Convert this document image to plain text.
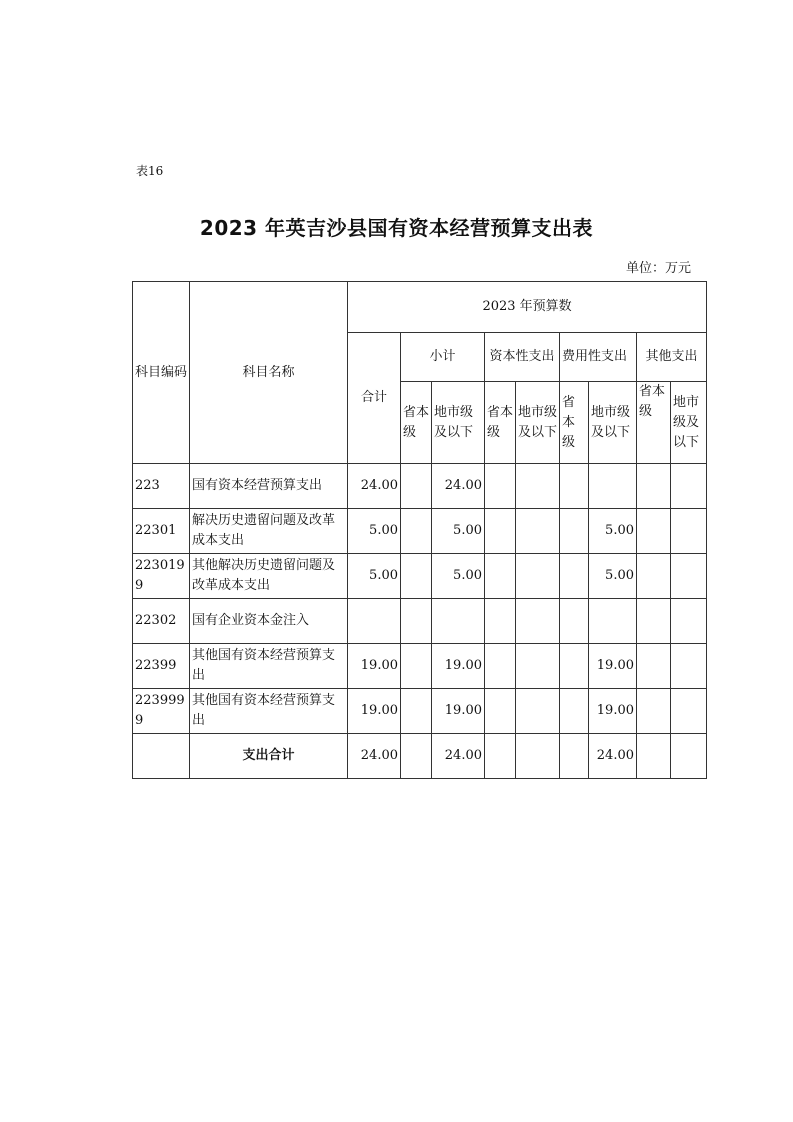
表16
2023 年英吉沙县国有资本经营预算支出表
单位：万元
科目编码	科目名称	2023 年预算数								
		合计	小计		资本性支出		费用性支出		其他支出	
			省本级	地市级及以下	省本级	地市级及以下	省本级	地市级及以下	省本级	地市级及以下
223	国有资本经营预算支出	24.00		24.00						
22301	解决历史遗留问题及改革成本支出	5.00		5.00				5.00		
2230199	其他解决历史遗留问题及改革成本支出	5.00		5.00				5.00		
22302	国有企业资本金注入									
22399	其他国有资本经营预算支出	19.00		19.00				19.00		
2239999	其他国有资本经营预算支出	19.00		19.00				19.00		
	支出合计	24.00		24.00				24.00		
